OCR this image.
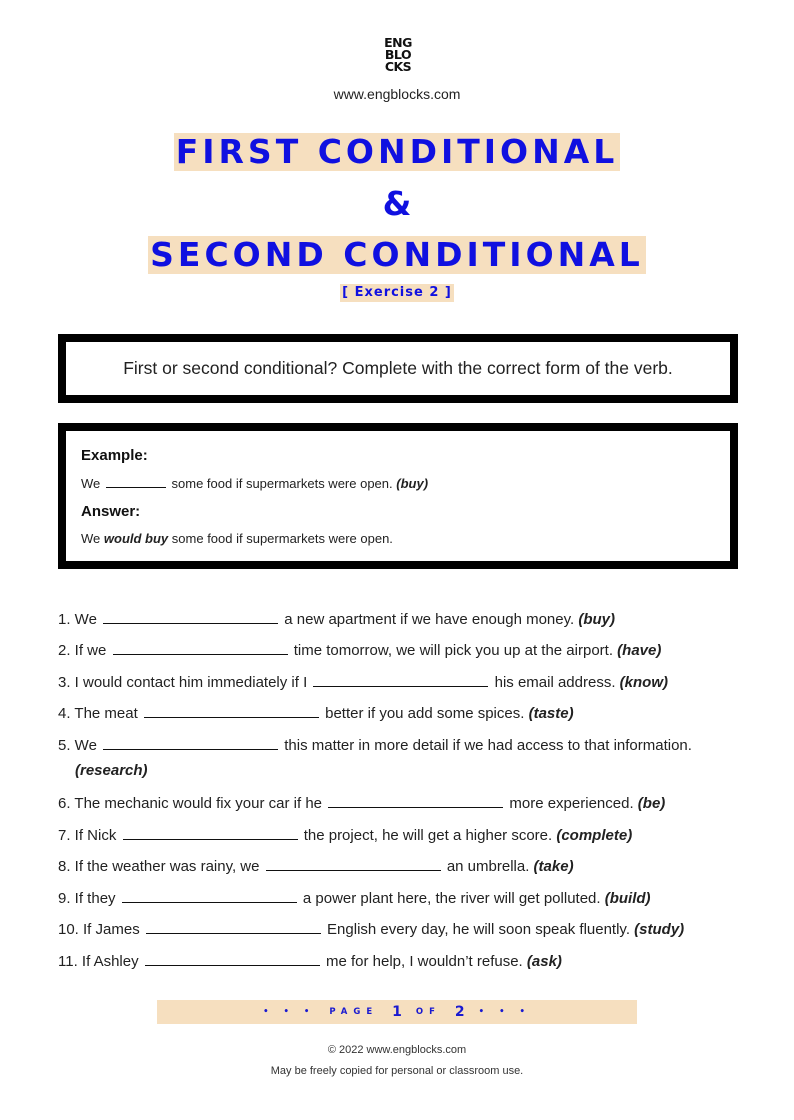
ENG
BLO
CKS
www.engblocks.com
FIRST CONDITIONAL
&
SECOND CONDITIONAL
[ Exercise 2 ]
First or second conditional? Complete with the correct form of the verb.
Example:
We	some food if supermarkets were open. (buy)
Answer:
We would buy some food if supermarkets were open.
1. We	a new apartment if we have enough money. (buy)
2. If we	time tomorrow, we will pick you up at the airport. (have)
3. I would contact him immediately if I	his email address. (know)
4. The meat	better if you add some spices. (taste)
5. We	this matter in more detail if we had access to that information.
(research)
6. The mechanic would fix your car if he	more experienced. (be)
7. If Nick	the project, he will get a higher score. (complete)
8. If the weather was rainy, we	an umbrella. (take)
9. If they	a power plant here, the river will get polluted. (build)
10. If James	English every day, he will soon speak fluently. (study)
11. If Ashley	me for help, I wouldn’t refuse. (ask)
• • • PAGE 1 OF 2 • • •
© 2022 www.engblocks.com
May be freely copied for personal or classroom use.
